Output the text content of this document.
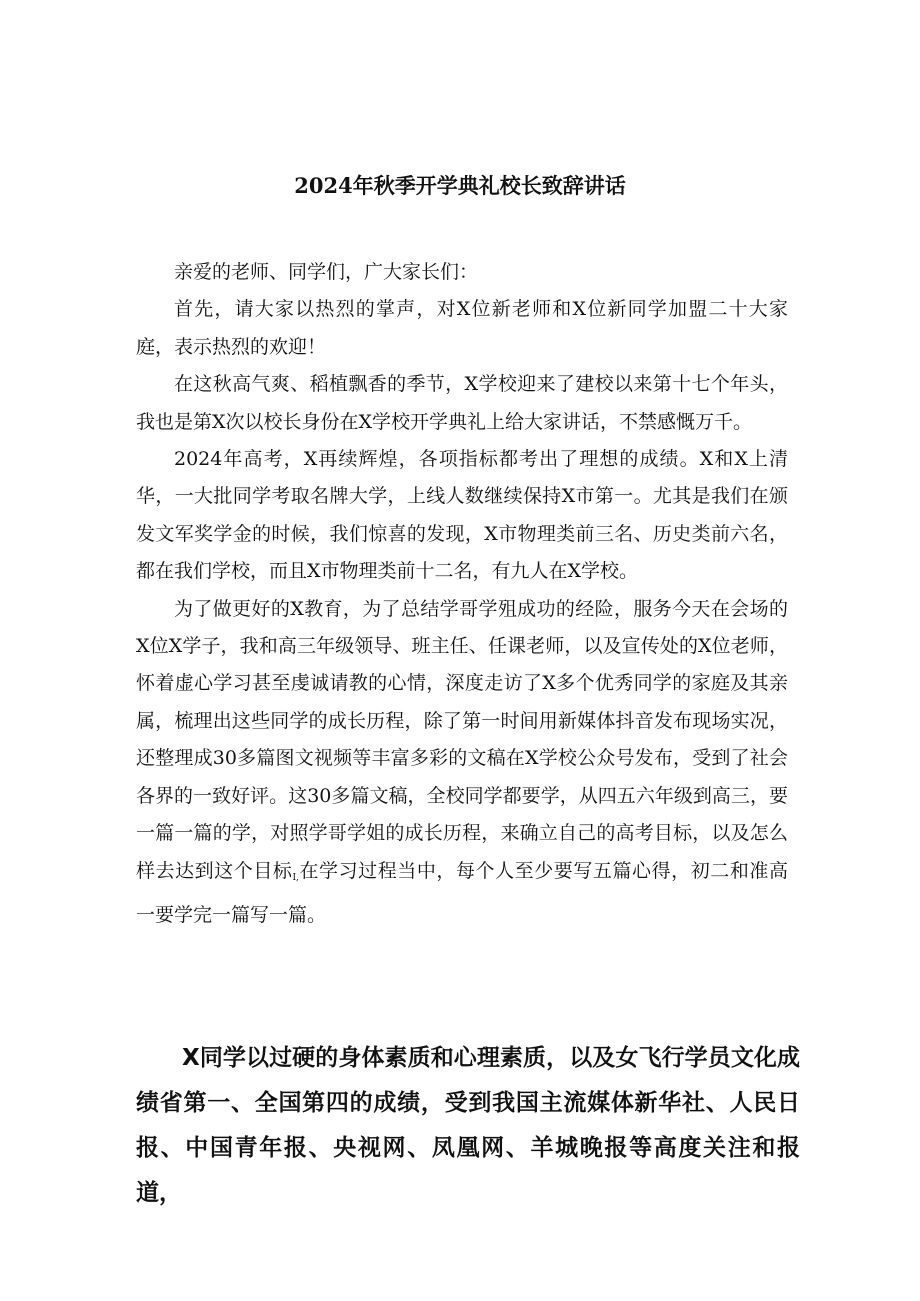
2024年秋季开学典礼校长致辞讲话

亲爱的老师、同学们，广大家长们：

首先，请大家以热烈的掌声，对X位新老师和X位新同学加盟二十大家庭，表示热烈的欢迎！

在这秋高气爽、稻植飘香的季节，X学校迎来了建校以来第十七个年头，我也是第X次以校长身份在X学校开学典礼上给大家讲话，不禁感慨万千。

2024年高考，X再续辉煌，各项指标都考出了理想的成绩。X和X上清华，一大批同学考取名牌大学，上线人数继续保持X市第一。尤其是我们在颁发文军奖学金的时候，我们惊喜的发现，X市物理类前三名、历史类前六名，都在我们学校，而且X市物理类前十二名，有九人在X学校。

为了做更好的X教育，为了总结学哥学殂成功的经险，服务今天在会场的X位X学子，我和高三年级领导、班主任、任课老师，以及宣传处的X位老师，怀着虚心学习甚至虔诚请教的心情，深度走访了X多个优秀同学的家庭及其亲属，梳理出这些同学的成长历程，除了第一时间用新媒体抖音发布现场实况，还整理成30多篇图文视频等丰富多彩的文稿在X学校公众号发布，受到了社会各界的一致好评。这30多篇文稿，全校同学都要学，从四五六年级到高三，要一篇一篇的学，对照学哥学姐的成长历程，来确立自己的高考目标，以及怎么样去达到这个目标$_{I,}$在学习过程当中，每个人至少要写五篇心得，初二和准高一要学完一篇写一篇。

X同学以过硬的身体素质和心理素质，以及女飞行学员文化成绩省第一、全国第四的成绩，受到我国主流媒体新华社、人民日报、中国青年报、央视网、凤凰网、羊城晚报等高度关注和报道，
